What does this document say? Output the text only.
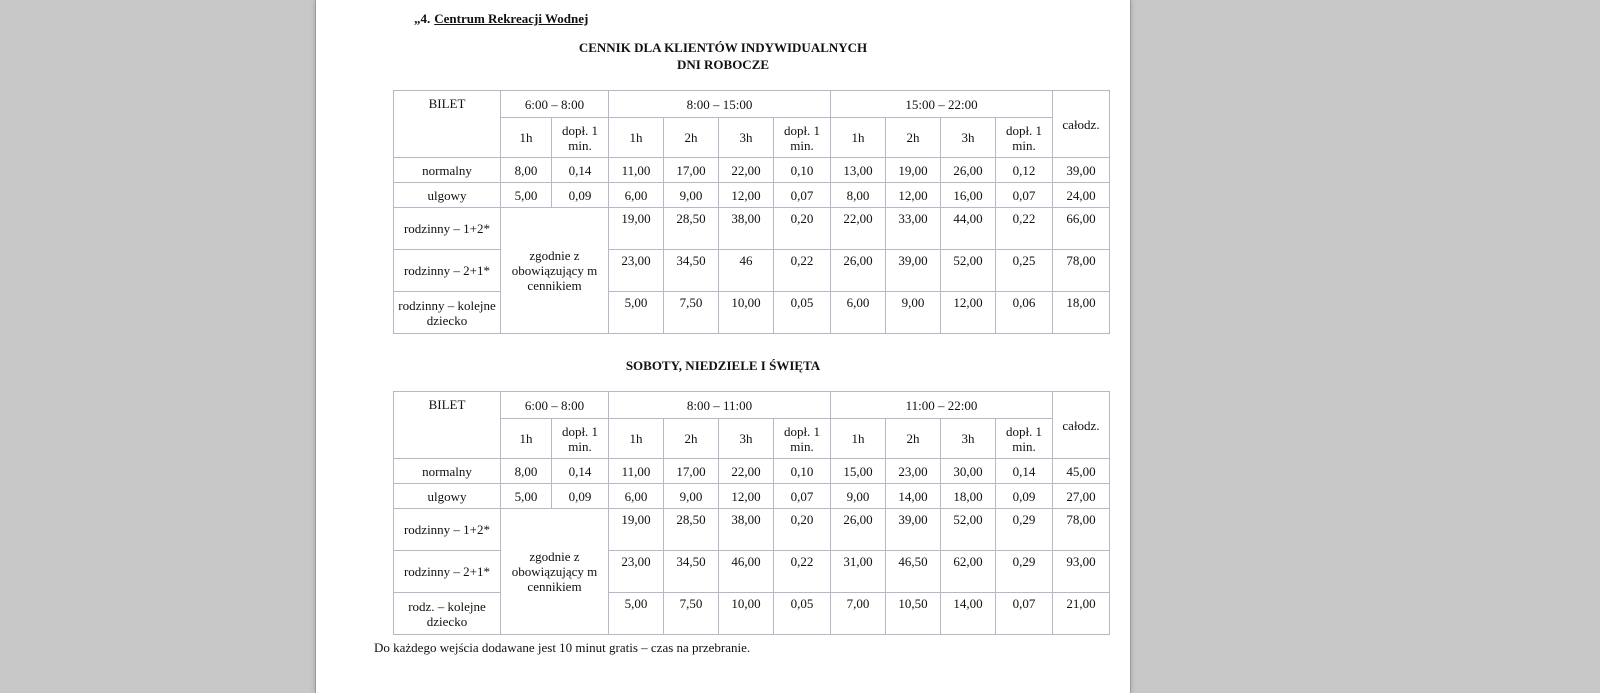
„4. Centrum Rekreacji Wodnej
CENNIK DLA KLIENTÓW INDYWIDUALNYCH
DNI ROBOCZE
BILET	6:00 – 8:00		8:00 – 15:00				15:00 – 22:00				całodz.
	1h	dopł. 1 min.	1h	2h	3h	dopł. 1 min.	1h	2h	3h	dopł. 1 min.	
normalny	8,00	0,14	11,00	17,00	22,00	0,10	13,00	19,00	26,00	0,12	39,00
ulgowy	5,00	0,09	6,00	9,00	12,00	0,07	8,00	12,00	16,00	0,07	24,00
rodzinny – 1+2*	zgodnie z obowiązujący m cennikiem		19,00	28,50	38,00	0,20	22,00	33,00	44,00	0,22	66,00
rodzinny – 2+1*			23,00	34,50	46	0,22	26,00	39,00	52,00	0,25	78,00
rodzinny – kolejne dziecko			5,00	7,50	10,00	0,05	6,00	9,00	12,00	0,06	18,00
SOBOTY, NIEDZIELE I ŚWIĘTA
BILET	6:00 – 8:00		8:00 – 11:00				11:00 – 22:00				całodz.
	1h	dopł. 1 min.	1h	2h	3h	dopł. 1 min.	1h	2h	3h	dopł. 1 min.	
normalny	8,00	0,14	11,00	17,00	22,00	0,10	15,00	23,00	30,00	0,14	45,00
ulgowy	5,00	0,09	6,00	9,00	12,00	0,07	9,00	14,00	18,00	0,09	27,00
rodzinny – 1+2*	zgodnie z obowiązujący m cennikiem		19,00	28,50	38,00	0,20	26,00	39,00	52,00	0,29	78,00
rodzinny – 2+1*			23,00	34,50	46,00	0,22	31,00	46,50	62,00	0,29	93,00
rodz. – kolejne dziecko			5,00	7,50	10,00	0,05	7,00	10,50	14,00	0,07	21,00
Do każdego wejścia dodawane jest 10 minut gratis – czas na przebranie.
